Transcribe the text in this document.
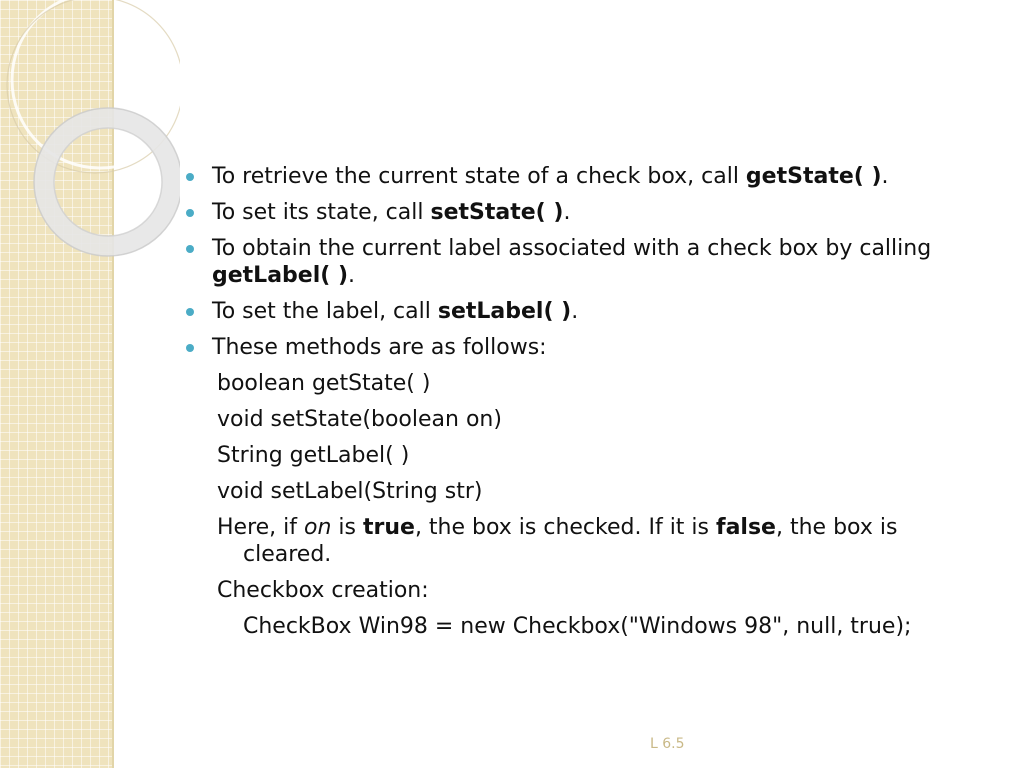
To retrieve the current state of a check box, call getState( ).
To set its state, call setState( ).
To obtain the current label associated with a check box by calling
getLabel( ).
To set the label, call setLabel( ).
These methods are as follows:
boolean getState( )
void setState(boolean on)
String getLabel( )
void setLabel(String str)
Here, if on is true, the box is checked. If it is false, the box is cleared.
Checkbox creation:
CheckBox Win98 = new Checkbox("Windows 98", null, true);
L 6.5
